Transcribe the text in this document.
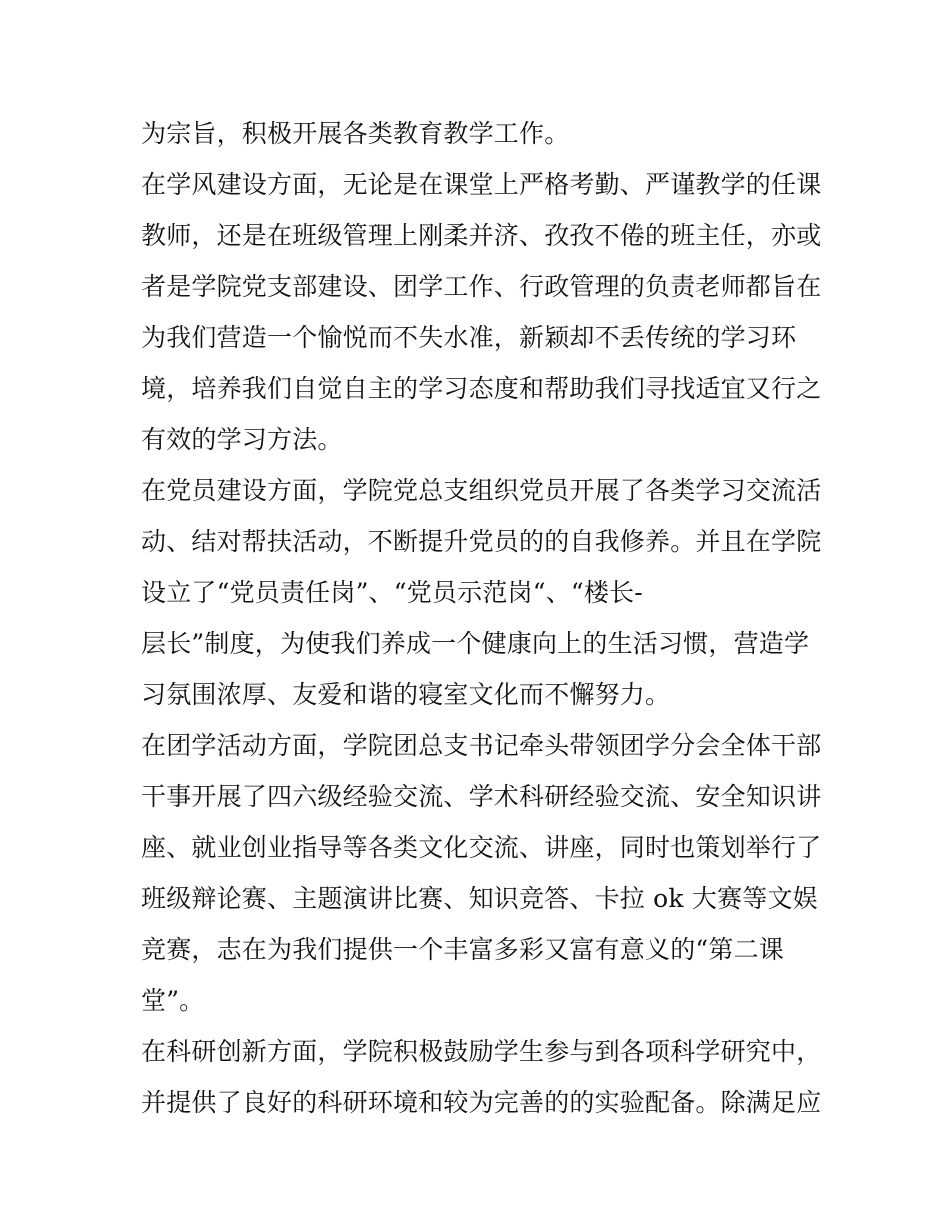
为宗旨，积极开展各类教育教学工作。
在学风建设方面，无论是在课堂上严格考勤、严谨教学的任课
教师，还是在班级管理上刚柔并济、孜孜不倦的班主任，亦或
者是学院党支部建设、团学工作、行政管理的负责老师都旨在
为我们营造一个愉悦而不失水准，新颖却不丢传统的学习环
境，培养我们自觉自主的学习态度和帮助我们寻找适宜又行之
有效的学习方法。
在党员建设方面，学院党总支组织党员开展了各类学习交流活
动、结对帮扶活动，不断提升党员的的自我修养。并且在学院
设立了“党员责任岗”、“党员示范岗“、“楼长-
层长”制度，为使我们养成一个健康向上的生活习惯，营造学
习氛围浓厚、友爱和谐的寝室文化而不懈努力。
在团学活动方面，学院团总支书记牵头带领团学分会全体干部
干事开展了四六级经验交流、学术科研经验交流、安全知识讲
座、就业创业指导等各类文化交流、讲座，同时也策划举行了
班级辩论赛、主题演讲比赛、知识竞答、卡拉 ok 大赛等文娱
竞赛，志在为我们提供一个丰富多彩又富有意义的“第二课
堂”。
在科研创新方面，学院积极鼓励学生参与到各项科学研究中，
并提供了良好的科研环境和较为完善的的实验配备。除满足应
